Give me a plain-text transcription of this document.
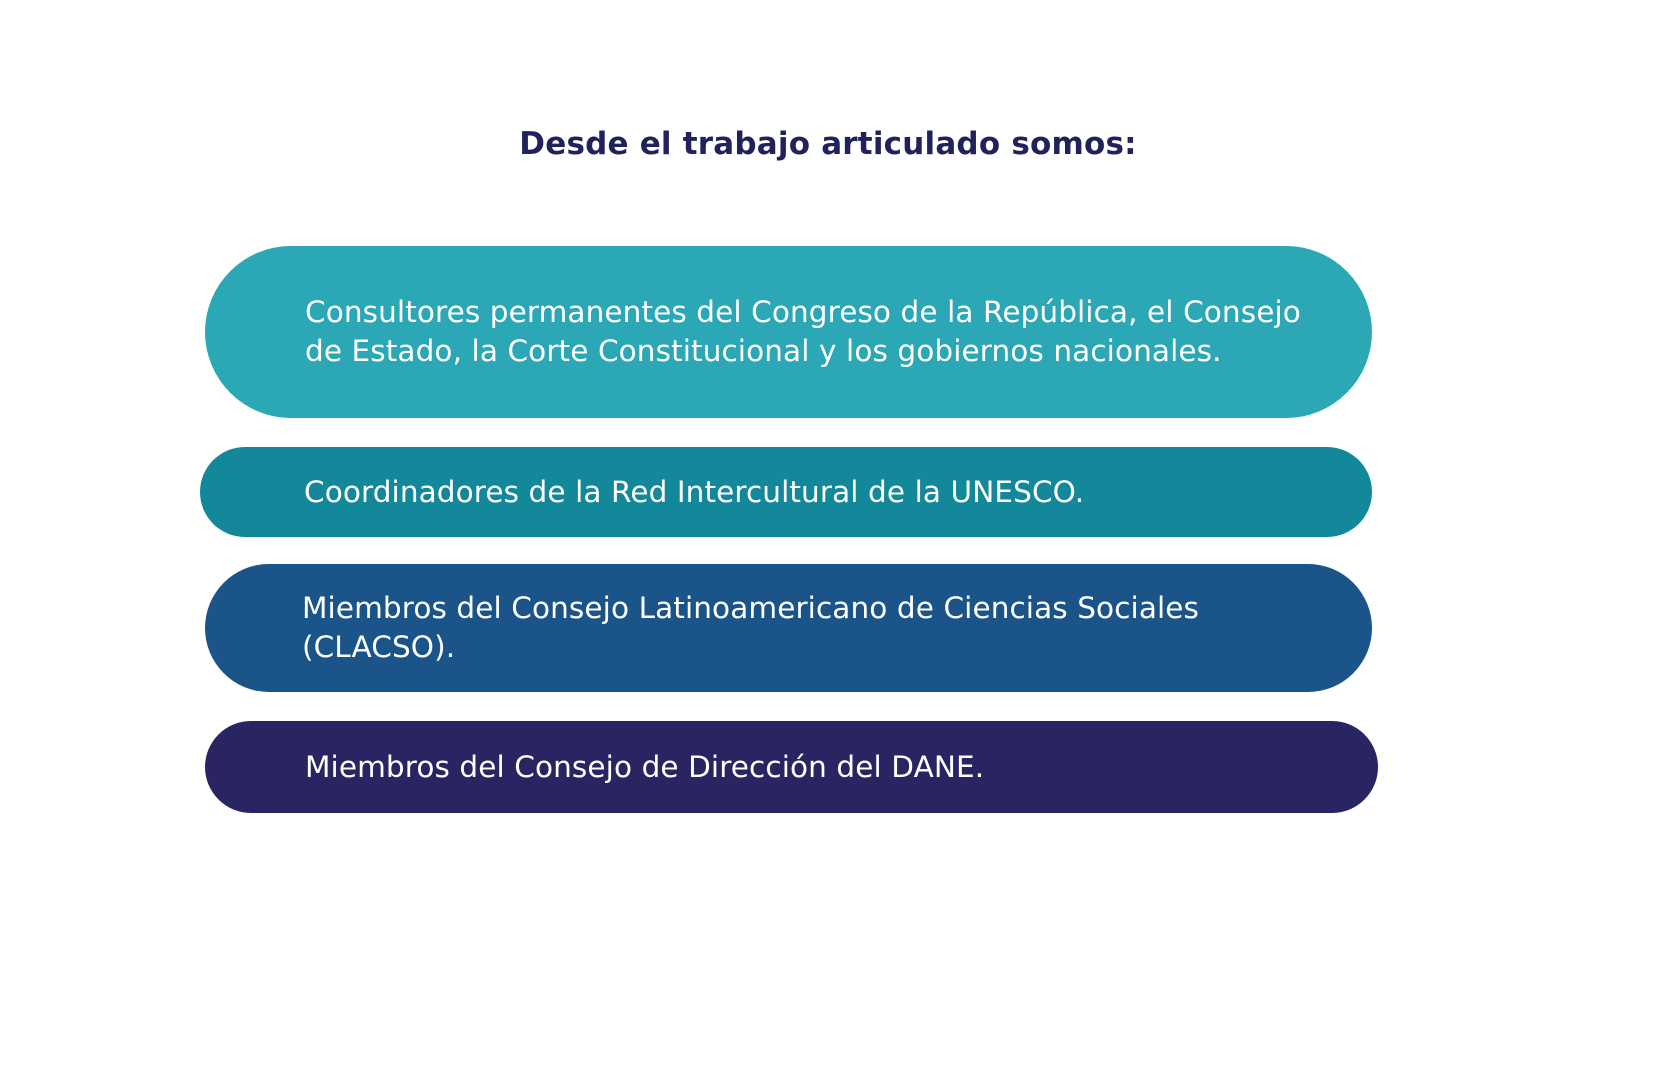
Desde el trabajo articulado somos:
Consultores permanentes del Congreso de la República, el Consejo de Estado, la Corte Constitucional y los gobiernos nacionales.
Coordinadores de la Red Intercultural de la UNESCO.
Miembros del Consejo Latinoamericano de Ciencias Sociales (CLACSO).
Miembros del Consejo de Dirección del DANE.
